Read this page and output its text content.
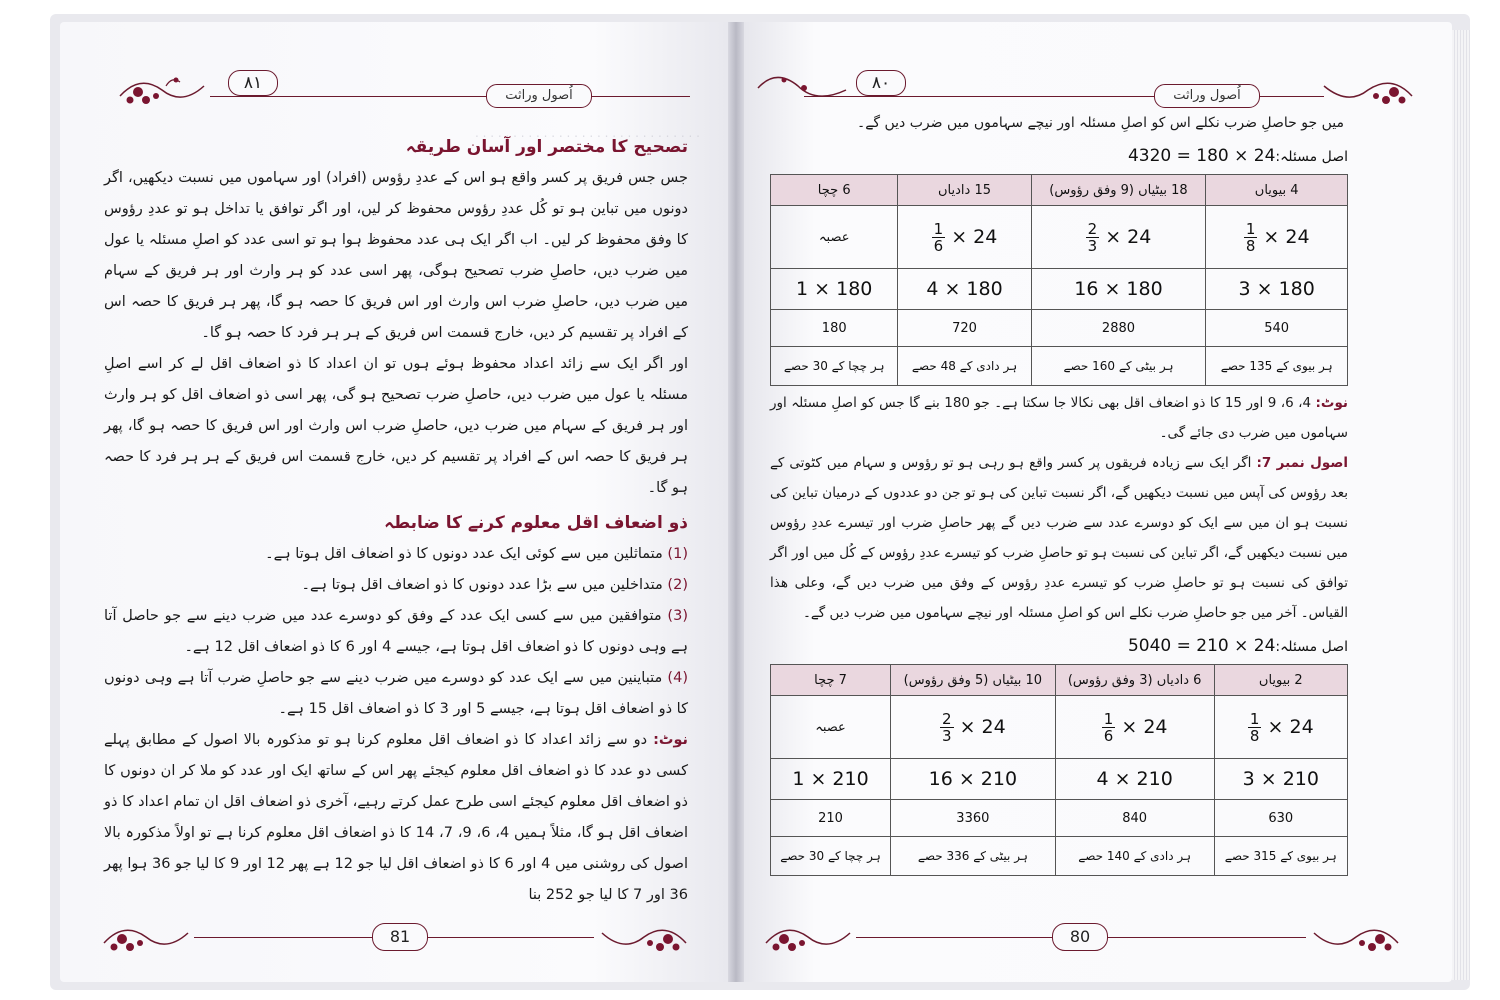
٨١
اُصول وراثت
. . . . . . . . . . . . . . . . . . . . . . . . . . . . . .

تصحیح کا مختصر اور آسان طریقہ

جس جس فریق پر کسر واقع ہو اس کے عددِ رؤوس (افراد) اور سہاموں میں نسبت دیکھیں، اگر دونوں میں تباین ہو تو کُل عددِ رؤوس محفوظ کر لیں، اور اگر توافق یا تداخل ہو تو عددِ رؤوس کا وفق محفوظ کر لیں۔ اب اگر ایک ہی عدد محفوظ ہوا ہو تو اسی عدد کو اصلِ مسئلہ یا عول میں ضرب دیں، حاصلِ ضرب تصحیح ہوگی، پھر اسی عدد کو ہر وارث اور ہر فریق کے سہام میں ضرب دیں، حاصلِ ضرب اس وارث اور اس فریق کا حصہ ہو گا، پھر ہر فریق کا حصہ اس کے افراد پر تقسیم کر دیں، خارج قسمت اس فریق کے ہر ہر فرد کا حصہ ہو گا۔

اور اگر ایک سے زائد اعداد محفوظ ہوئے ہوں تو ان اعداد کا ذو اضعاف اقل لے کر اسے اصلِ مسئلہ یا عول میں ضرب دیں، حاصلِ ضرب تصحیح ہو گی، پھر اسی ذو اضعاف اقل کو ہر وارث اور ہر فریق کے سہام میں ضرب دیں، حاصلِ ضرب اس وارث اور اس فریق کا حصہ ہو گا، پھر ہر فریق کا حصہ اس کے افراد پر تقسیم کر دیں، خارج قسمت اس فریق کے ہر ہر فرد کا حصہ ہو گا۔

ذو اضعاف اقل معلوم کرنے کا ضابطہ

(1) متماثلین میں سے کوئی ایک عدد دونوں کا ذو اضعاف اقل ہوتا ہے۔

(2) متداخلین میں سے بڑا عدد دونوں کا ذو اضعاف اقل ہوتا ہے۔

(3) متوافقین میں سے کسی ایک عدد کے وفق کو دوسرے عدد میں ضرب دینے سے جو حاصل آتا ہے وہی دونوں کا ذو اضعاف اقل ہوتا ہے، جیسے 4 اور 6 کا ذو اضعاف اقل 12 ہے۔

(4) متباینین میں سے ایک عدد کو دوسرے میں ضرب دینے سے جو حاصلِ ضرب آتا ہے وہی دونوں کا ذو اضعاف اقل ہوتا ہے، جیسے 5 اور 3 کا ذو اضعاف اقل 15 ہے۔

نوٹ: دو سے زائد اعداد کا ذو اضعاف اقل معلوم کرنا ہو تو مذکورہ بالا اصول کے مطابق پہلے کسی دو عدد کا ذو اضعاف اقل معلوم کیجئے پھر اس کے ساتھ ایک اور عدد کو ملا کر ان دونوں کا ذو اضعاف اقل معلوم کیجئے اسی طرح عمل کرتے رہیے، آخری ذو اضعاف اقل ان تمام اعداد کا ذو اضعاف اقل ہو گا، مثلاً ہمیں 4، 6، 9، 7، 14 کا ذو اضعاف اقل معلوم کرنا ہے تو اولاً مذکورہ بالا اصول کی روشنی میں 4 اور 6 کا ذو اضعاف اقل لیا جو 12 ہے پھر 12 اور 9 کا لیا جو 36 ہوا پھر 36 اور 7 کا لیا جو 252 بنا

81
٨٠
اُصول وراثت
میں جو حاصلِ ضرب نکلے اس کو اصلِ مسئلہ اور نیچے سہاموں میں ضرب دیں گے۔
4320 = 180 × 24اصل مسئلہ:
4 بیویاں	18 بیٹیاں (9 وفق رؤوس)	15 دادیاں	6 چچا

$\frac{1}{8} \times 24$	$\frac{2}{3} \times 24$	$\frac{1}{6} \times 24$	عصبہ
3 × 180	16 × 180	4 × 180	1 × 180
540	2880	720	180
ہر بیوی کے 135 حصے	ہر بیٹی کے 160 حصے	ہر دادی کے 48 حصے	ہر چچا کے 30 حصے

نوٹ: 4، 6، 9 اور 15 کا ذو اضعاف اقل بھی نکالا جا سکتا ہے۔ جو 180 بنے گا جس کو اصلِ مسئلہ اور سہاموں میں ضرب دی جائے گی۔

اصول نمبر 7: اگر ایک سے زیادہ فریقوں پر کسر واقع ہو رہی ہو تو رؤوس و سہام میں کٹوتی کے بعد رؤوس کی آپس میں نسبت دیکھیں گے، اگر نسبت تباین کی ہو تو جن دو عددوں کے درمیان تباین کی نسبت ہو ان میں سے ایک کو دوسرے عدد سے ضرب دیں گے پھر حاصلِ ضرب اور تیسرے عددِ رؤوس میں نسبت دیکھیں گے، اگر تباین کی نسبت ہو تو حاصلِ ضرب کو تیسرے عددِ رؤوس کے کُل میں اور اگر توافق کی نسبت ہو تو حاصلِ ضرب کو تیسرے عددِ رؤوس کے وفق میں ضرب دیں گے، وعلی ھذا القیاس۔ آخر میں جو حاصلِ ضرب نکلے اس کو اصلِ مسئلہ اور نیچے سہاموں میں ضرب دیں گے۔

5040 = 210 × 24اصل مسئلہ:
2 بیویاں	6 دادیاں (3 وفق رؤوس)	10 بیٹیاں (5 وفق رؤوس)	7 چچا

$\frac{1}{8} \times 24$	$\frac{1}{6} \times 24$	$\frac{2}{3} \times 24$	عصبہ
3 × 210	4 × 210	16 × 210	1 × 210
630	840	3360	210
ہر بیوی کے 315 حصے	ہر دادی کے 140 حصے	ہر بیٹی کے 336 حصے	ہر چچا کے 30 حصے
80
